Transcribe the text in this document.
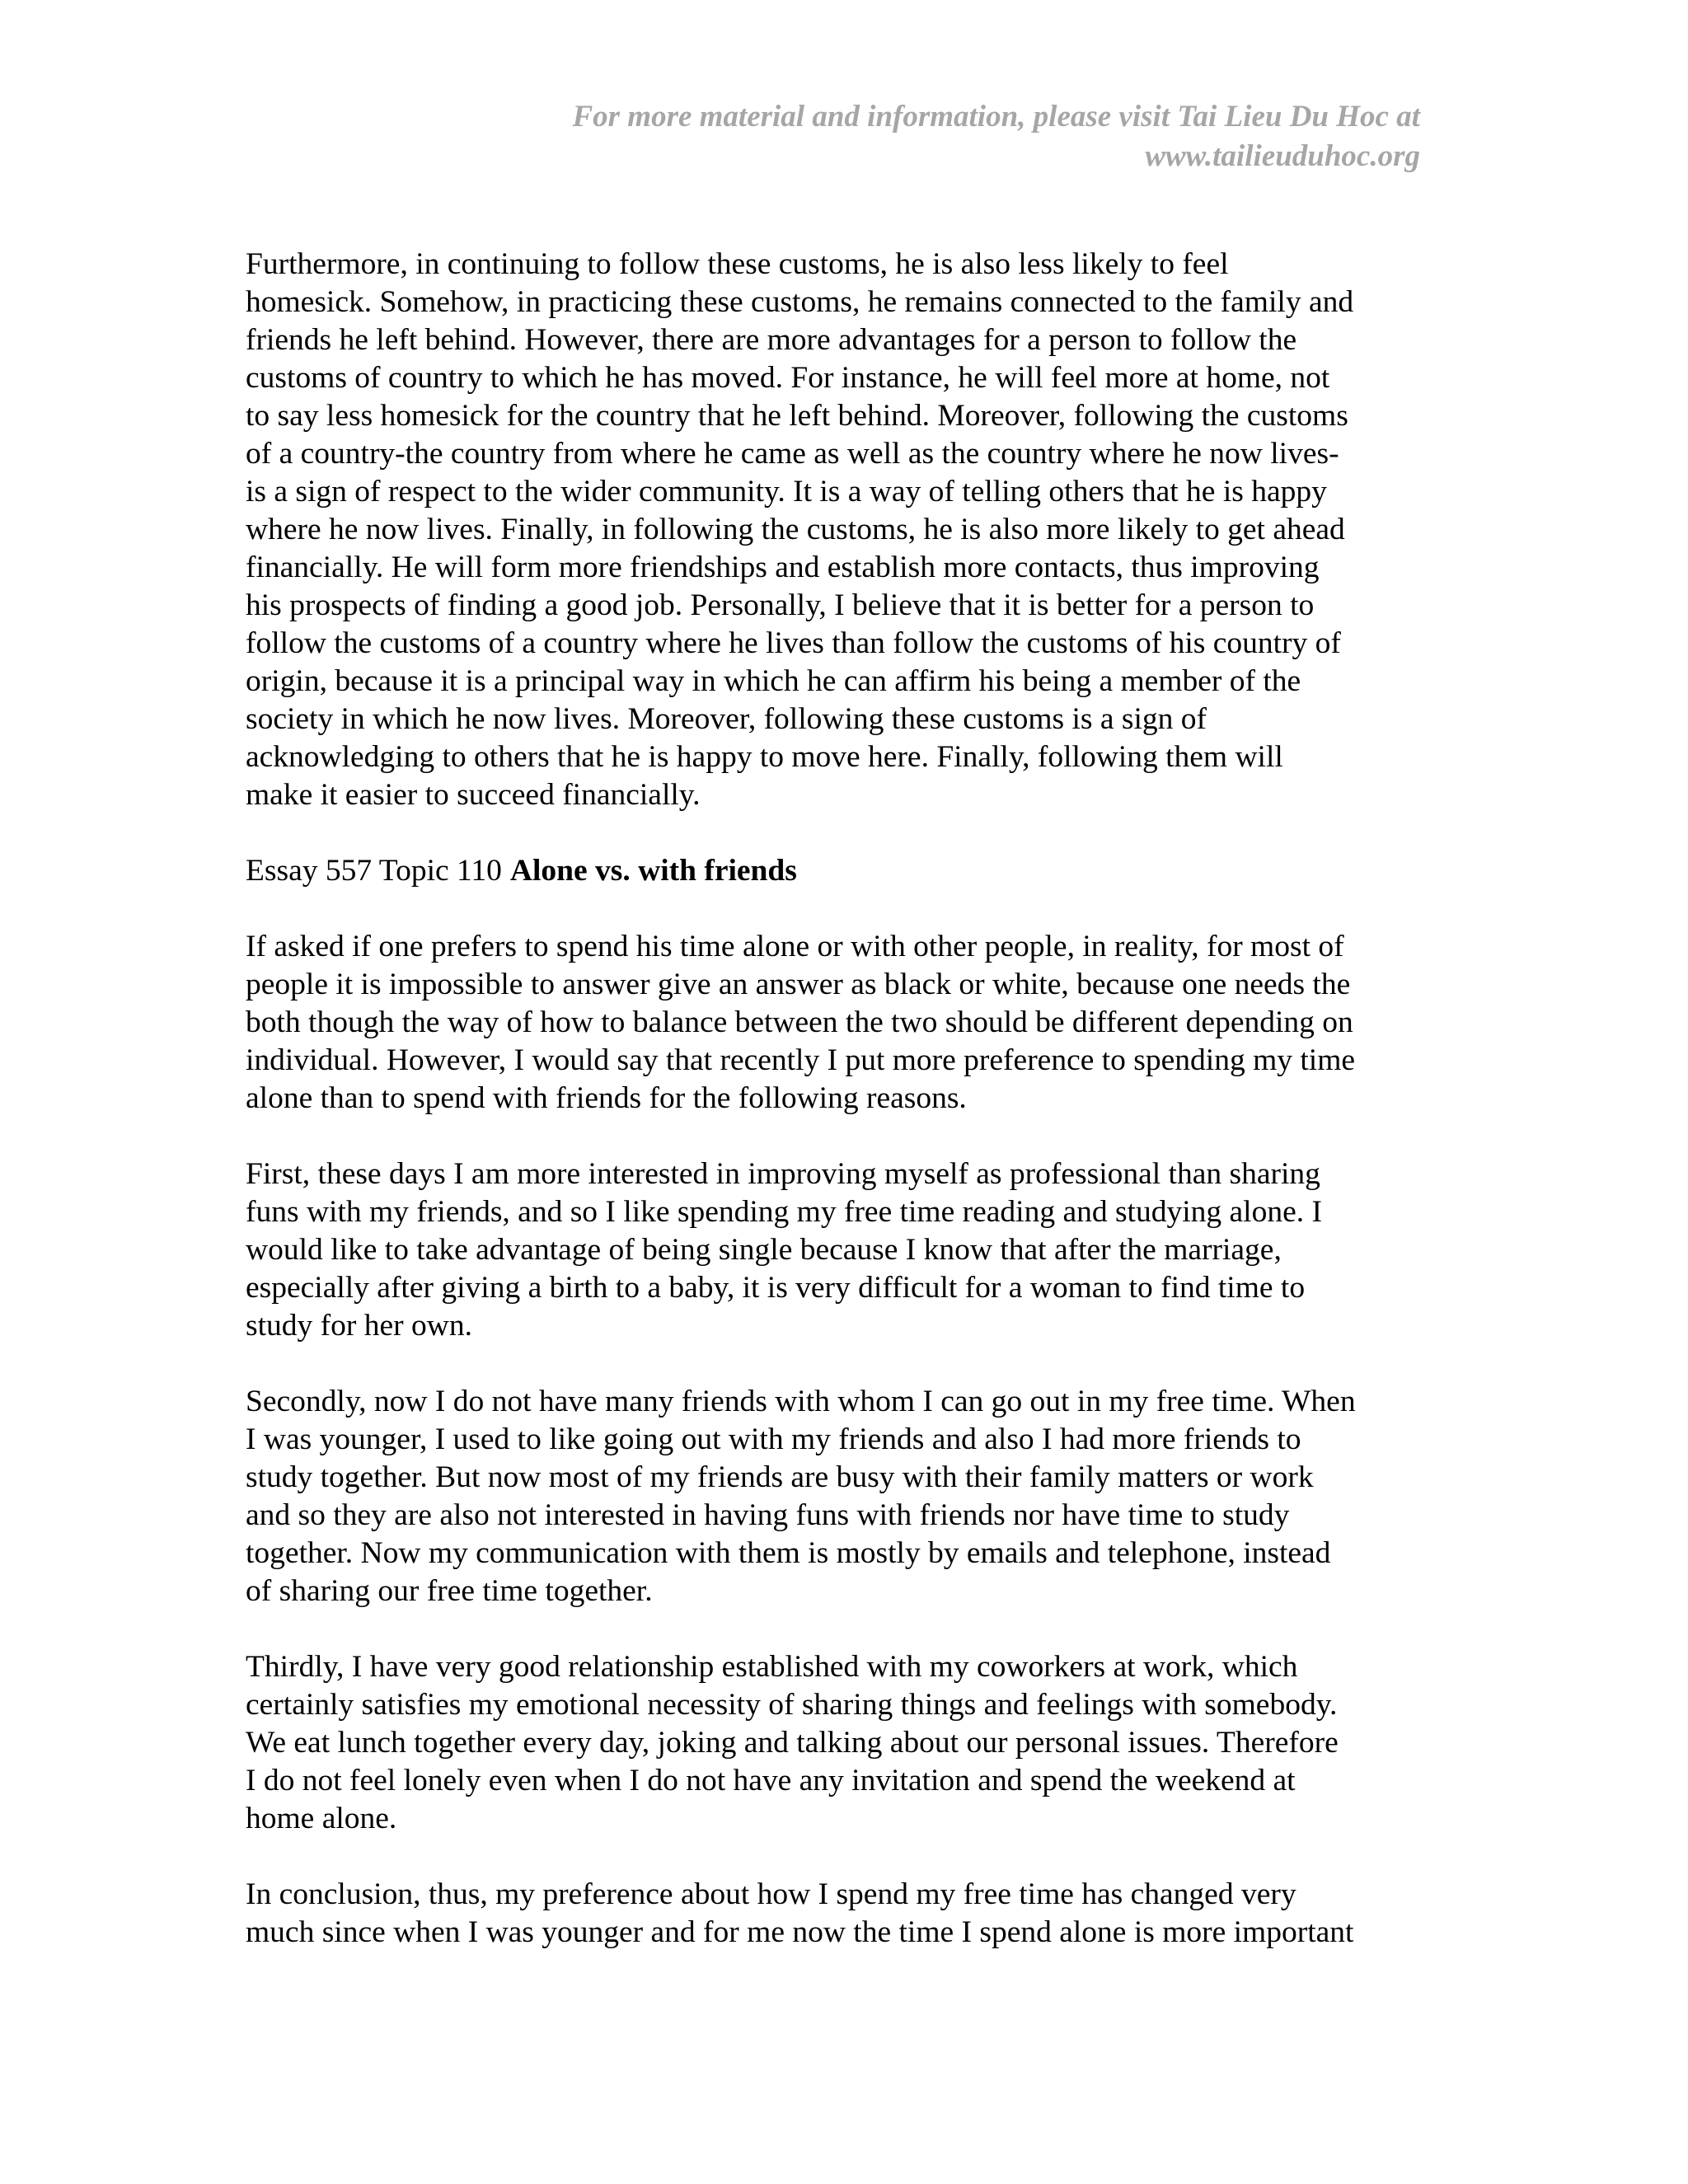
For more material and information, please visit Tai Lieu Du Hoc at
www.tailieuduhoc.org
Furthermore, in continuing to follow these customs, he is also less likely to feel
homesick. Somehow, in practicing these customs, he remains connected to the family and
friends he left behind. However, there are more advantages for a person to follow the
customs of country to which he has moved. For instance, he will feel more at home, not
to say less homesick for the country that he left behind. Moreover, following the customs
of a country-the country from where he came as well as the country where he now lives-
is a sign of respect to the wider community. It is a way of telling others that he is happy
where he now lives. Finally, in following the customs, he is also more likely to get ahead
financially. He will form more friendships and establish more contacts, thus improving
his prospects of finding a good job. Personally, I believe that it is better for a person to
follow the customs of a country where he lives than follow the customs of his country of
origin, because it is a principal way in which he can affirm his being a member of the
society in which he now lives. Moreover, following these customs is a sign of
acknowledging to others that he is happy to move here. Finally, following them will
make it easier to succeed financially.
Essay 557 Topic 110 Alone vs. with friends
If asked if one prefers to spend his time alone or with other people, in reality, for most of
people it is impossible to answer give an answer as black or white, because one needs the
both though the way of how to balance between the two should be different depending on
individual. However, I would say that recently I put more preference to spending my time
alone than to spend with friends for the following reasons.
First, these days I am more interested in improving myself as professional than sharing
funs with my friends, and so I like spending my free time reading and studying alone. I
would like to take advantage of being single because I know that after the marriage,
especially after giving a birth to a baby, it is very difficult for a woman to find time to
study for her own.
Secondly, now I do not have many friends with whom I can go out in my free time. When
I was younger, I used to like going out with my friends and also I had more friends to
study together. But now most of my friends are busy with their family matters or work
and so they are also not interested in having funs with friends nor have time to study
together. Now my communication with them is mostly by emails and telephone, instead
of sharing our free time together.
Thirdly, I have very good relationship established with my coworkers at work, which
certainly satisfies my emotional necessity of sharing things and feelings with somebody.
We eat lunch together every day, joking and talking about our personal issues. Therefore
I do not feel lonely even when I do not have any invitation and spend the weekend at
home alone.
In conclusion, thus, my preference about how I spend my free time has changed very
much since when I was younger and for me now the time I spend alone is more important
